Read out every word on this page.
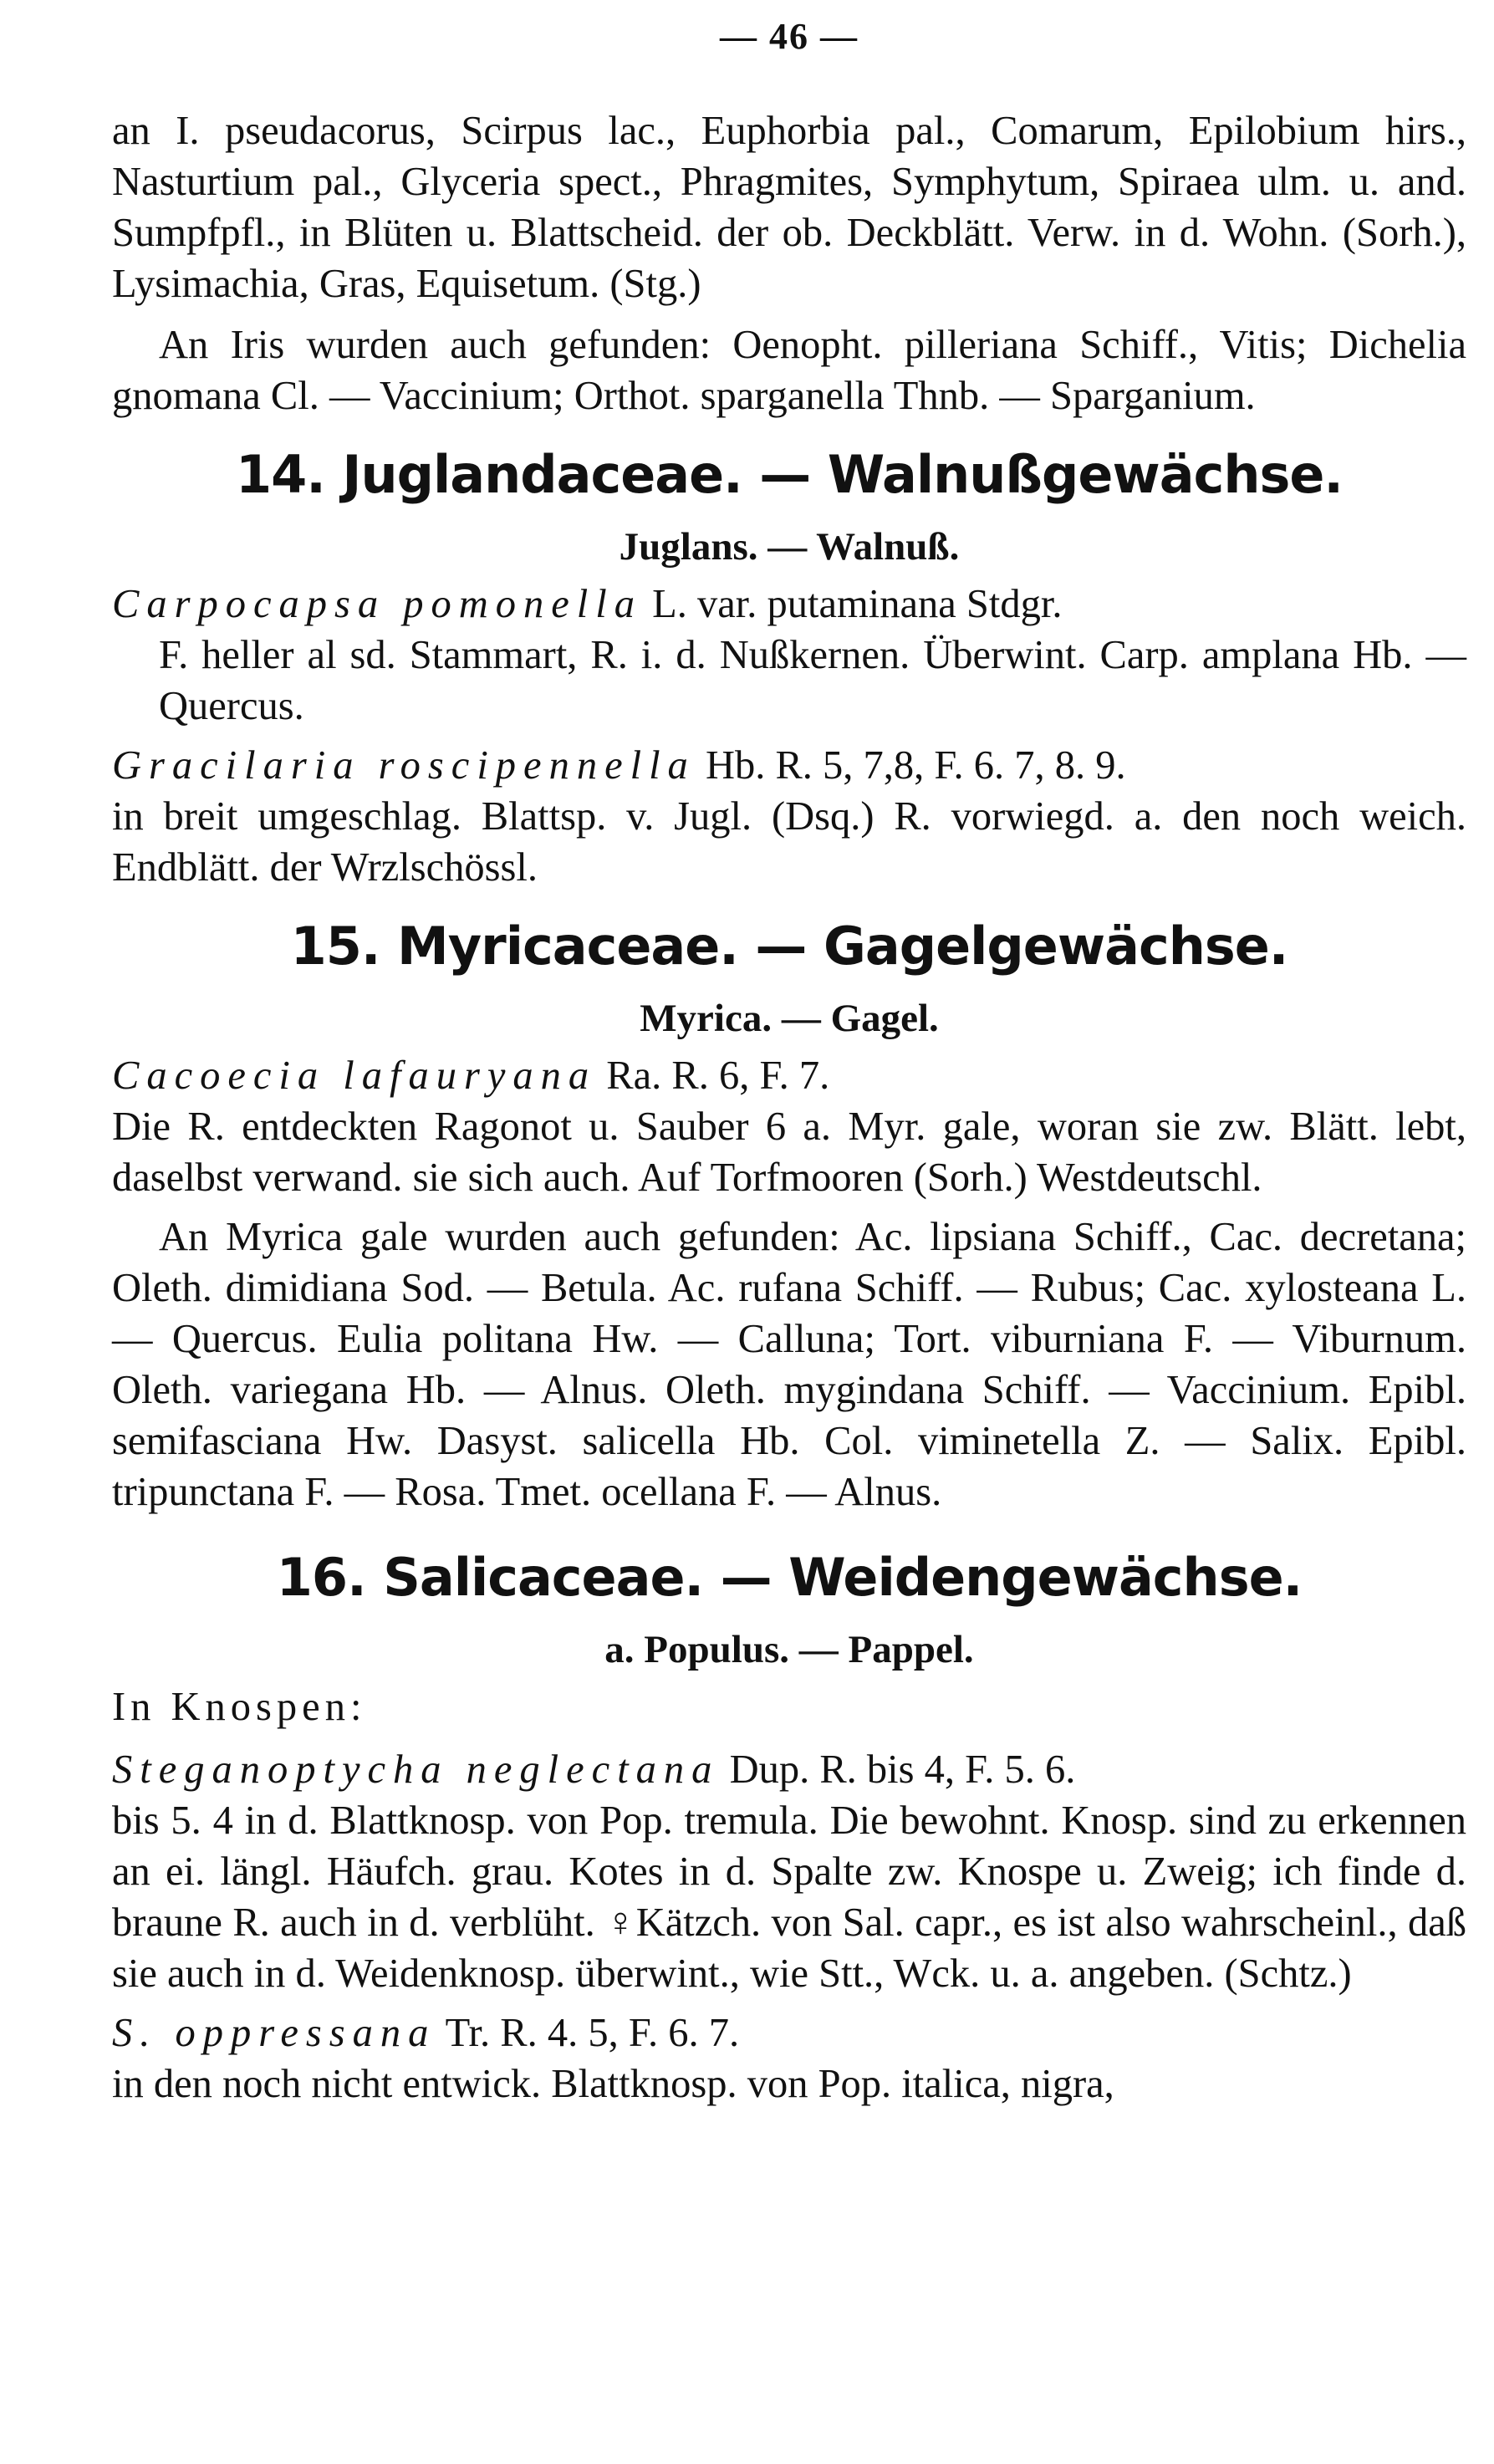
— 46 —

an I. pseudacorus, Scirpus lac., Euphorbia pal., Comarum, Epilobium hirs., Nasturtium pal., Glyceria spect., Phragmites, Symphytum, Spiraea ulm. u. and. Sumpfpfl., in Blüten u. Blattscheid. der ob. Deckblätt. Verw. in d. Wohn. (Sorh.), Lysimachia, Gras, Equisetum. (Stg.)

An Iris wurden auch gefunden: Oenopht. pilleriana Schiff., Vitis; Dichelia gnomana Cl. — Vaccinium; Orthot. sparganella Thnb. — Sparganium.

14. Juglandaceae. — Walnußgewächse.
Juglans. — Walnuß.

Carpocapsa pomonella L. var. putaminana Stdgr.

F. heller al sd. Stammart, R. i. d. Nußkernen. Überwint. Carp. amplana Hb. — Quercus.

Gracilaria roscipennella Hb. R. 5, 7,8, F. 6. 7, 8. 9.

in breit umgeschlag. Blattsp. v. Jugl. (Dsq.) R. vorwiegd. a. den noch weich. Endblätt. der Wrzlschössl.

15. Myricaceae. — Gagelgewächse.
Myrica. — Gagel.

Cacoecia lafauryana Ra. R. 6, F. 7.

Die R. entdeckten Ragonot u. Sauber 6 a. Myr. gale, woran sie zw. Blätt. lebt, daselbst verwand. sie sich auch. Auf Torfmooren (Sorh.) Westdeutschl.

An Myrica gale wurden auch gefunden: Ac. lipsiana Schiff., Cac. decretana; Oleth. dimidiana Sod. — Betula. Ac. rufana Schiff. — Rubus; Cac. xylosteana L. — Quercus. Eulia politana Hw. — Calluna; Tort. viburniana F. — Viburnum. Oleth. variegana Hb. — Alnus. Oleth. mygindana Schiff. — Vaccinium. Epibl. semifasciana Hw. Dasyst. salicella Hb. Col. viminetella Z. — Salix. Epibl. tripunctana F. — Rosa. Tmet. ocellana F. — Alnus.

16. Salicaceae. — Weidengewächse.
a. Populus. — Pappel.

In Knospen:

Steganoptycha neglectana Dup. R. bis 4, F. 5. 6.

bis 5. 4 in d. Blattknosp. von Pop. tremula. Die bewohnt. Knosp. sind zu erkennen an ei. längl. Häufch. grau. Kotes in d. Spalte zw. Knospe u. Zweig; ich finde d. braune R. auch in d. verblüht. ♀Kätzch. von Sal. capr., es ist also wahrscheinl., daß sie auch in d. Weidenknosp. überwint., wie Stt., Wck. u. a. angeben. (Schtz.)

S. oppressana Tr. R. 4. 5, F. 6. 7.

in den noch nicht entwick. Blattknosp. von Pop. italica, nigra,
